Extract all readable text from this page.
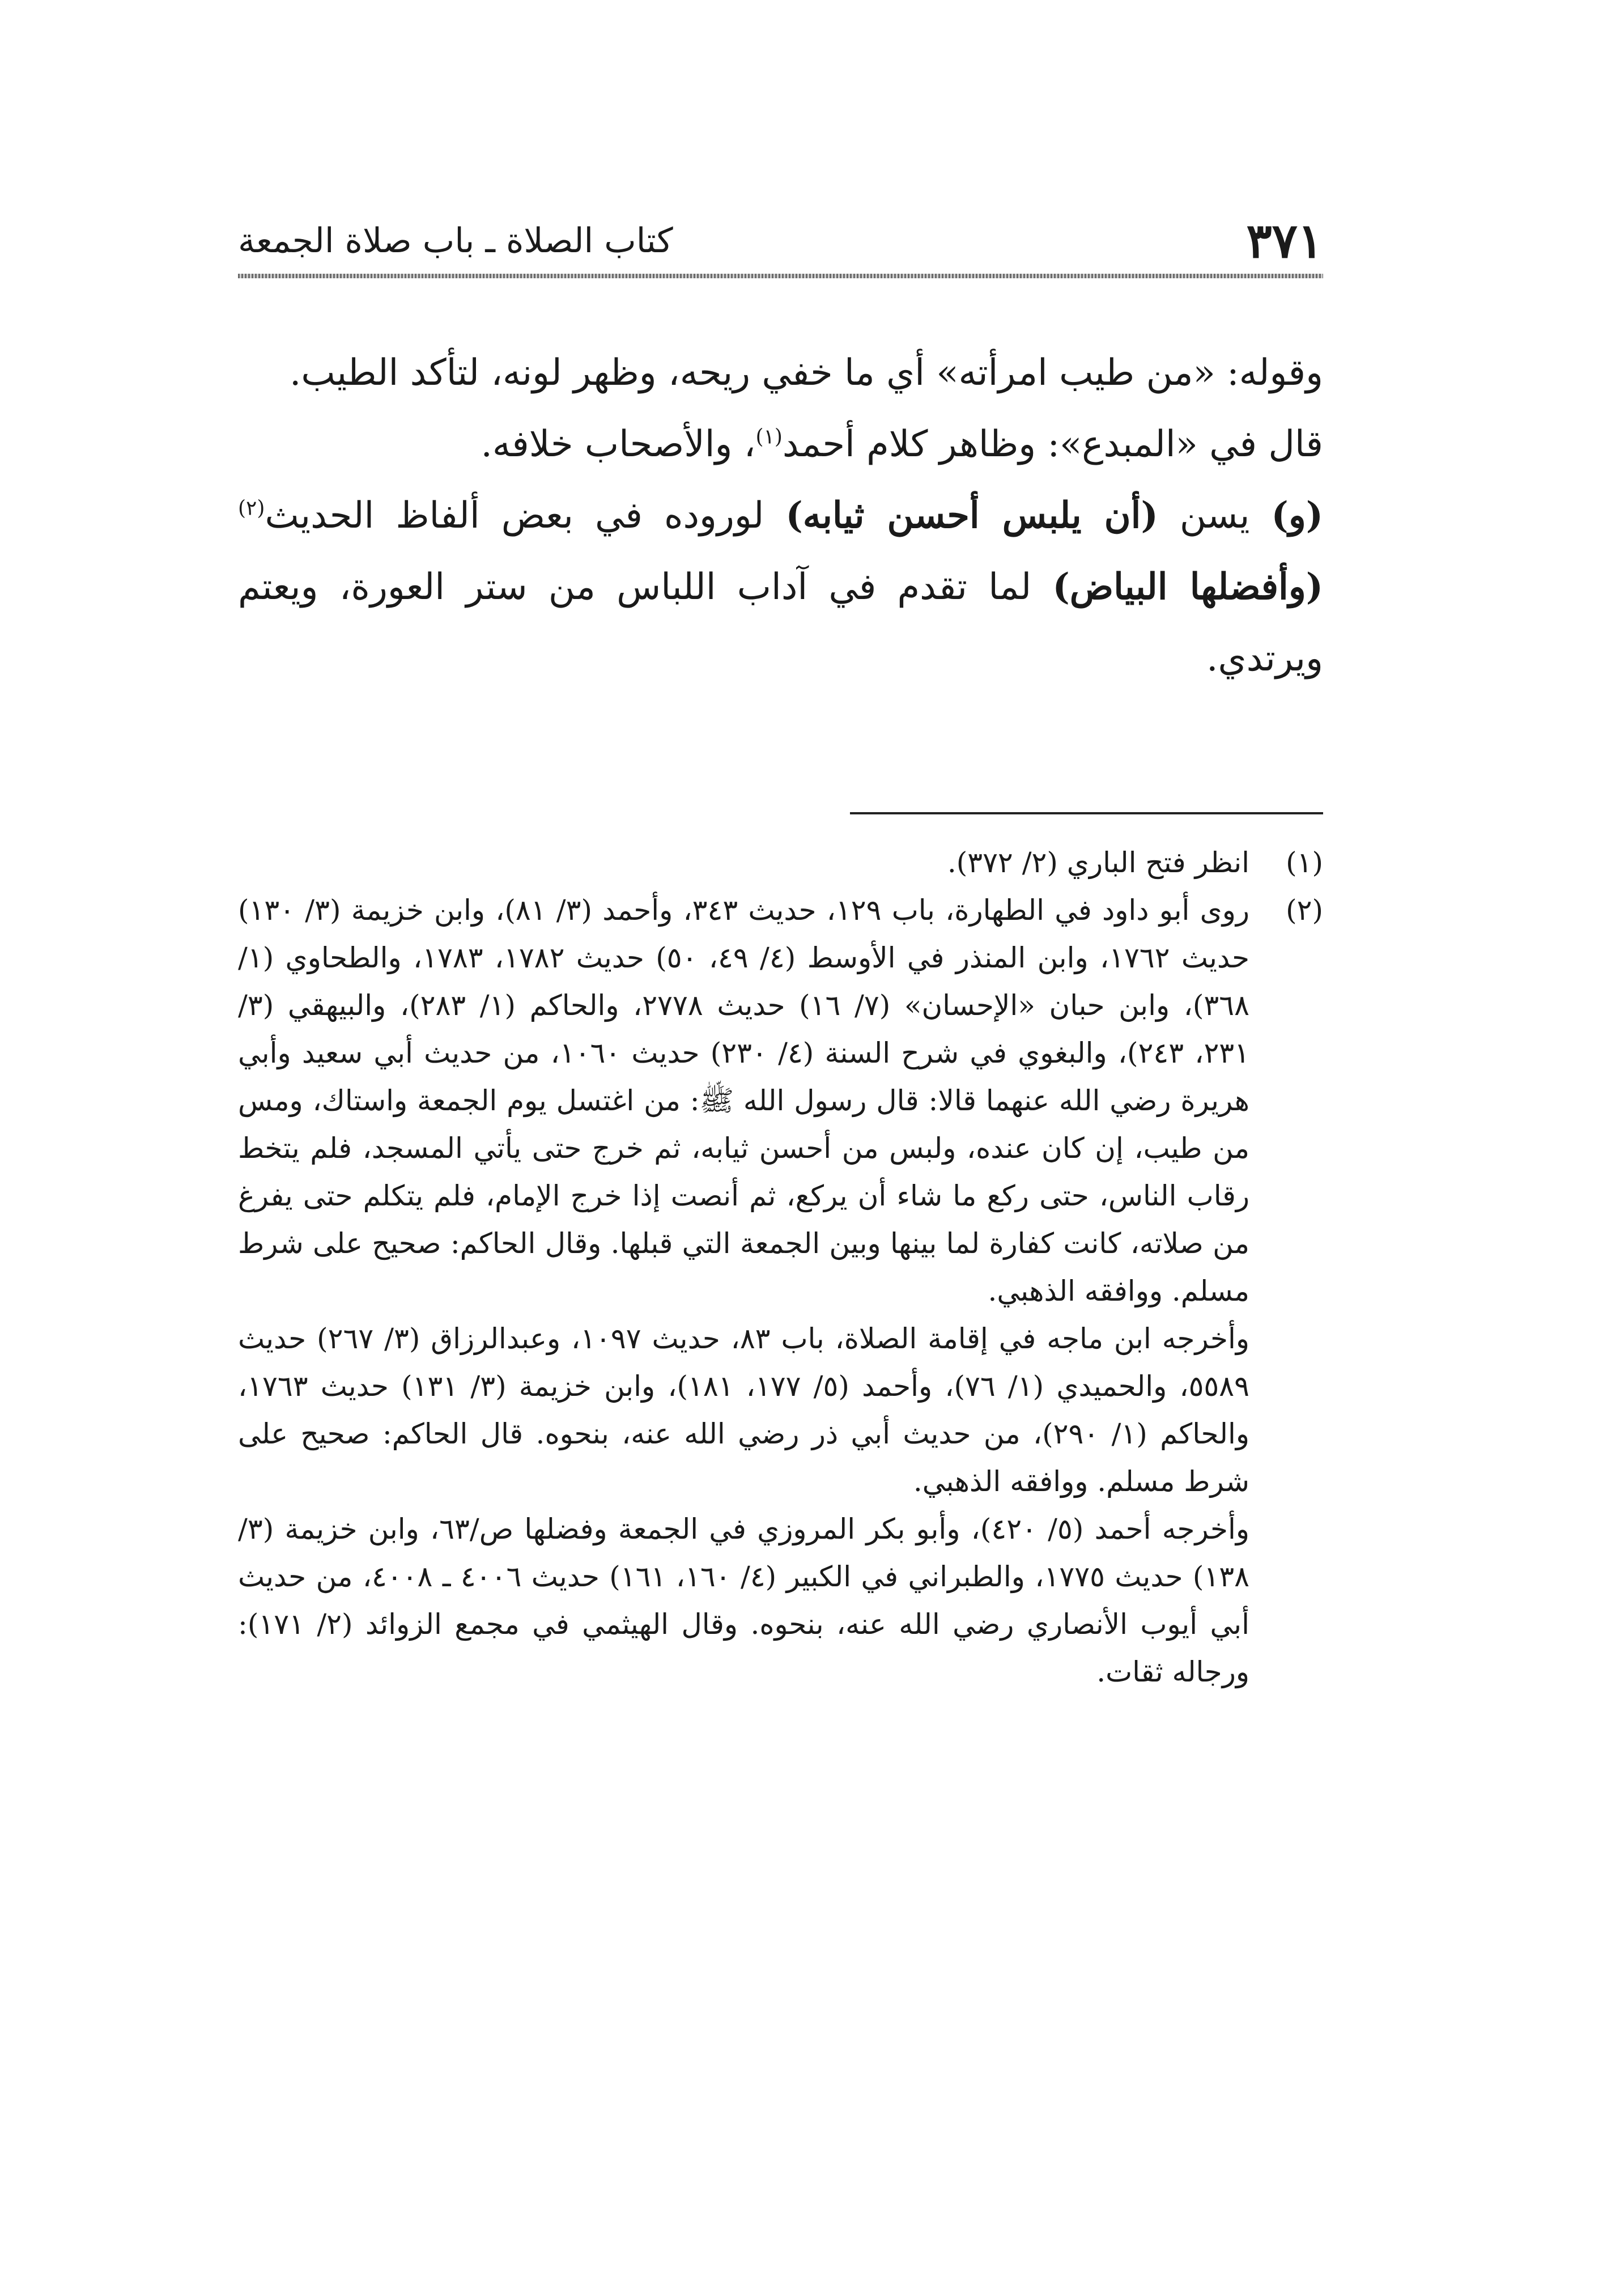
٣٧١
كتاب الصلاة ـ باب صلاة الجمعة

وقوله: «من طيب امرأته» أي ما خفي ريحه، وظهر لونه، لتأكد الطيب.

قال في «المبدع»: وظاهر كلام أحمد$^{(١)}$، والأصحاب خلافه.

(و) يسن (أن يلبس أحسن ثيابه) لوروده في بعض ألفاظ الحديث$^{(٢)}$ (وأفضلها البياض) لما تقدم في آداب اللباس من ستر العورة، ويعتم ويرتدي.

(١)

انظر فتح الباري (٢/ ٣٧٢).

(٢)

روى أبو داود في الطهارة، باب ١٢٩، حديث ٣٤٣، وأحمد (٣/ ٨١)، وابن خزيمة (٣/ ١٣٠) حديث ١٧٦٢، وابن المنذر في الأوسط (٤/ ٤٩، ٥٠) حديث ١٧٨٢، ١٧٨٣، والطحاوي (١/ ٣٦٨)، وابن حبان «الإحسان» (٧/ ١٦) حديث ٢٧٧٨، والحاكم (١/ ٢٨٣)، والبيهقي (٣/ ٢٣١، ٢٤٣)، والبغوي في شرح السنة (٤/ ٢٣٠) حديث ١٠٦٠، من حديث أبي سعيد وأبي هريرة رضي الله عنهما قالا: قال رسول الله ﷺ: من اغتسل يوم الجمعة واستاك، ومس من طيب، إن كان عنده، ولبس من أحسن ثيابه، ثم خرج حتى يأتي المسجد، فلم يتخط رقاب الناس، حتى ركع ما شاء أن يركع، ثم أنصت إذا خرج الإمام، فلم يتكلم حتى يفرغ من صلاته، كانت كفارة لما بينها وبين الجمعة التي قبلها. وقال الحاكم: صحيح على شرط مسلم. ووافقه الذهبي.

وأخرجه ابن ماجه في إقامة الصلاة، باب ٨٣، حديث ١٠٩٧، وعبدالرزاق (٣/ ٢٦٧) حديث ٥٥٨٩، والحميدي (١/ ٧٦)، وأحمد (٥/ ١٧٧، ١٨١)، وابن خزيمة (٣/ ١٣١) حديث ١٧٦٣، والحاكم (١/ ٢٩٠)، من حديث أبي ذر رضي الله عنه، بنحوه. قال الحاكم: صحيح على شرط مسلم. ووافقه الذهبي.

وأخرجه أحمد (٥/ ٤٢٠)، وأبو بكر المروزي في الجمعة وفضلها ص/٦٣، وابن خزيمة (٣/ ١٣٨) حديث ١٧٧٥، والطبراني في الكبير (٤/ ١٦٠، ١٦١) حديث ٤٠٠٦ ـ ٤٠٠٨، من حديث أبي أيوب الأنصاري رضي الله عنه، بنحوه. وقال الهيثمي في مجمع الزوائد (٢/ ١٧١): ورجاله ثقات.
